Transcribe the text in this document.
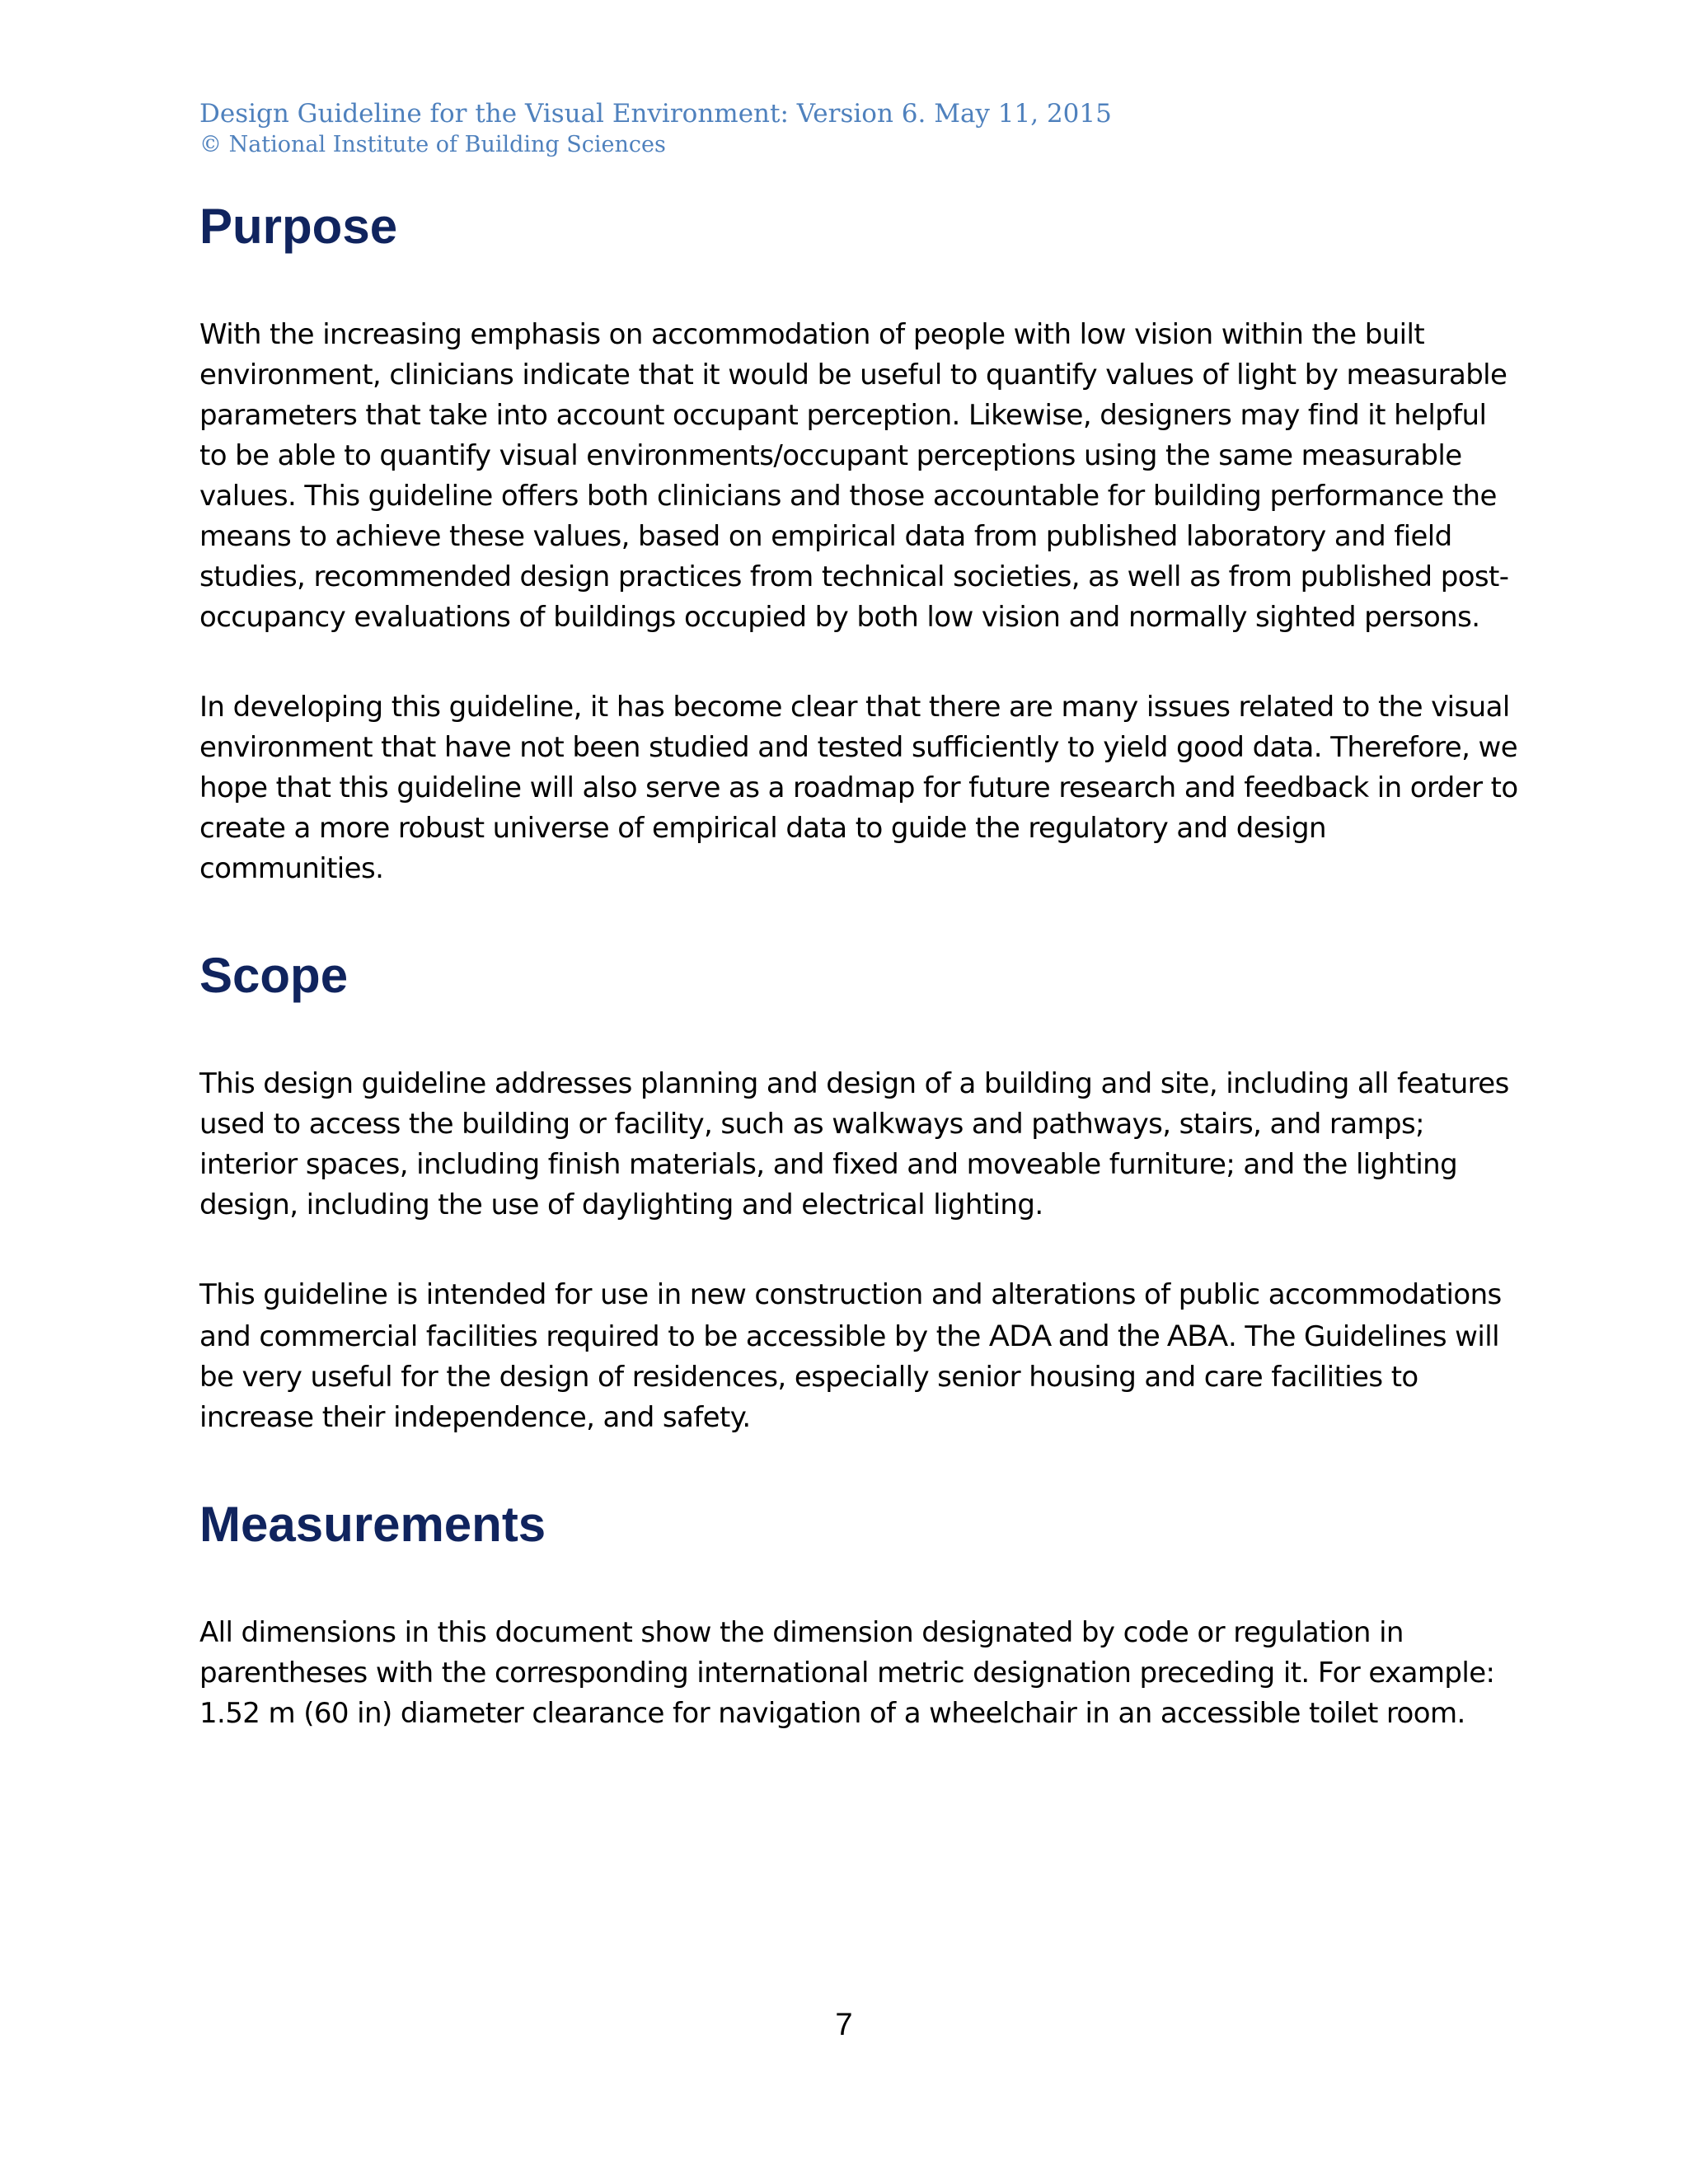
Design Guideline for the Visual Environment: Version 6. May 11, 2015
© National Institute of Building Sciences
Purpose

With the increasing emphasis on accommodation of people with low vision within the built environment, clinicians indicate that it would be useful to quantify values of light by measurable parameters that take into account occupant perception. Likewise, designers may find it helpful to be able to quantify visual environments/occupant perceptions using the same measurable values. This guideline offers both clinicians and those accountable for building performance the means to achieve these values, based on empirical data from published laboratory and field studies, recommended design practices from technical societies, as well as from published post-occupancy evaluations of buildings occupied by both low vision and normally sighted persons.

In developing this guideline, it has become clear that there are many issues related to the visual environment that have not been studied and tested sufficiently to yield good data. Therefore, we hope that this guideline will also serve as a roadmap for future research and feedback in order to create a more robust universe of empirical data to guide the regulatory and design communities.

Scope

This design guideline addresses planning and design of a building and site, including all features used to access the building or facility, such as walkways and pathways, stairs, and ramps; interior spaces, including finish materials, and fixed and moveable furniture; and the lighting design, including the use of daylighting and electrical lighting.

This guideline is intended for use in new construction and alterations of public accommodations and commercial facilities required to be accessible by the ADA and the ABA. The Guidelines will be very useful for the design of residences, especially senior housing and care facilities to increase their independence, and safety.

Measurements

All dimensions in this document show the dimension designated by code or regulation in parentheses with the corresponding international metric designation preceding it. For example: 1.52 m (60 in) diameter clearance for navigation of a wheelchair in an accessible toilet room.

7
